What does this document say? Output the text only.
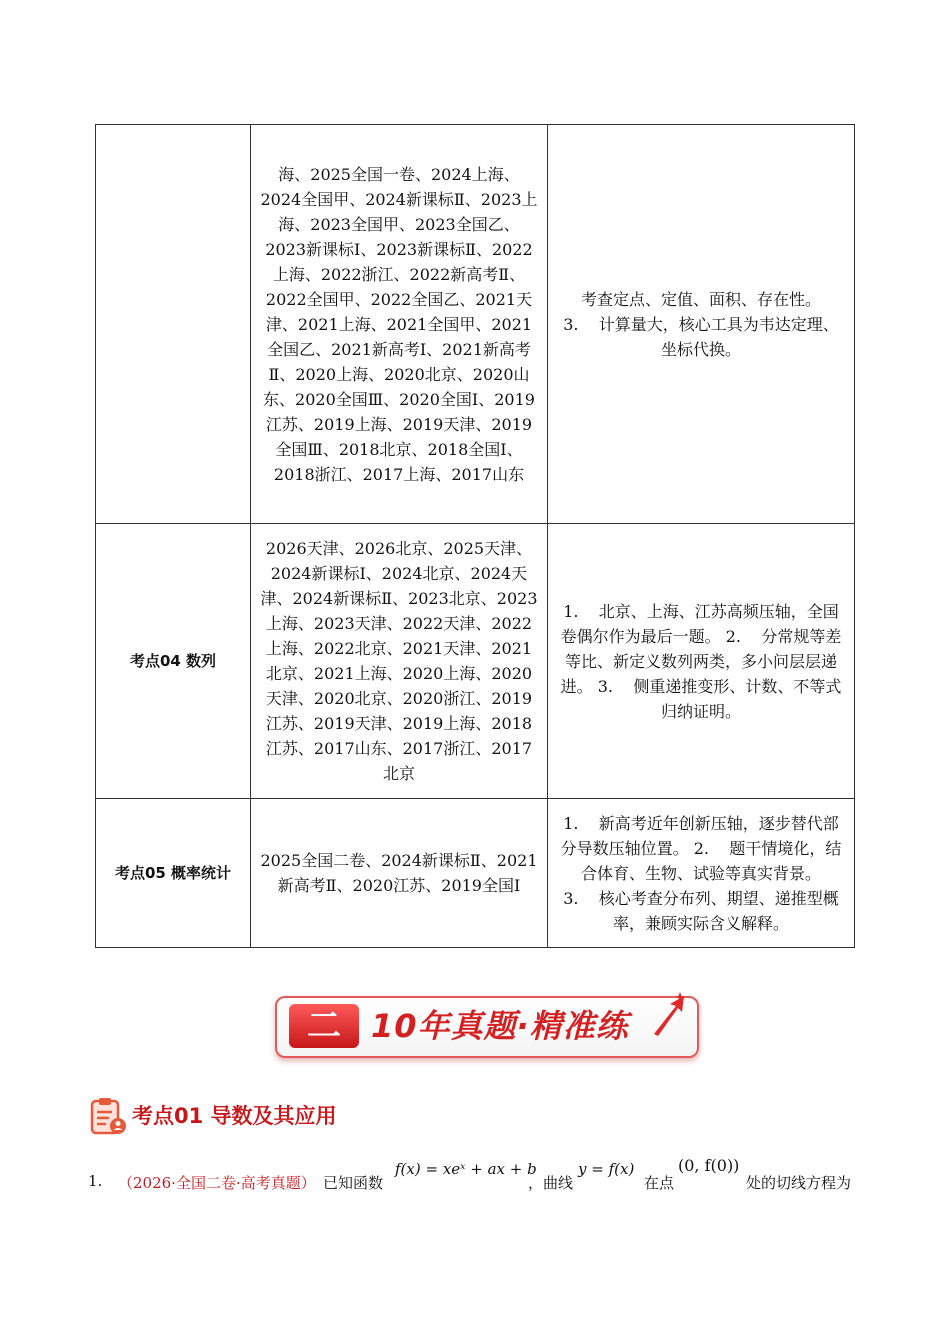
	海、2025全国一卷、2024上海、2024全国甲、2024新课标Ⅱ、2023上海、2023全国甲、2023全国乙、2023新课标Ⅰ、2023新课标Ⅱ、2022上海、2022浙江、2022新高考Ⅱ、2022全国甲、2022全国乙、2021天津、2021上海、2021全国甲、2021全国乙、2021新高考Ⅰ、2021新高考Ⅱ、2020上海、2020北京、2020山东、2020全国Ⅲ、2020全国Ⅰ、2019江苏、2019上海、2019天津、2019全国Ⅲ、2018北京、2018全国Ⅰ、2018浙江、2017上海、2017山东	考查定点、定值、面积、存在性。 3.    计算量大，核心工具为韦达定理、坐标代换。
考点04 数列	2026天津、2026北京、2025天津、2024新课标Ⅰ、2024北京、2024天津、2024新课标Ⅱ、2023北京、2023上海、2023天津、2022天津、2022上海、2022北京、2021天津、2021北京、2021上海、2020上海、2020天津、2020北京、2020浙江、2019江苏、2019天津、2019上海、2018江苏、2017山东、2017浙江、2017北京	1.    北京、上海、江苏高频压轴，全国卷偶尔作为最后一题。 2.    分常规等差等比、新定义数列两类，多小问层层递进。 3.    侧重递推变形、计数、不等式归纳证明。
考点05 概率统计	2025全国二卷、2024新课标Ⅱ、2021新高考Ⅱ、2020江苏、2019全国Ⅰ	1.    新高考近年创新压轴，逐步替代部分导数压轴位置。 2.    题干情境化，结合体育、生物、试验等真实背景。 3.    核心考查分布列、期望、递推型概率，兼顾实际含义解释。
二 10年真题·精准练
考点01 导数及其应用
1. （2026·全国二卷·高考真题） 已知函数
f(x) = xeˣ + ax + b
，曲线
y = f(x)
在点
(0, f(0))
处的切线方程为
